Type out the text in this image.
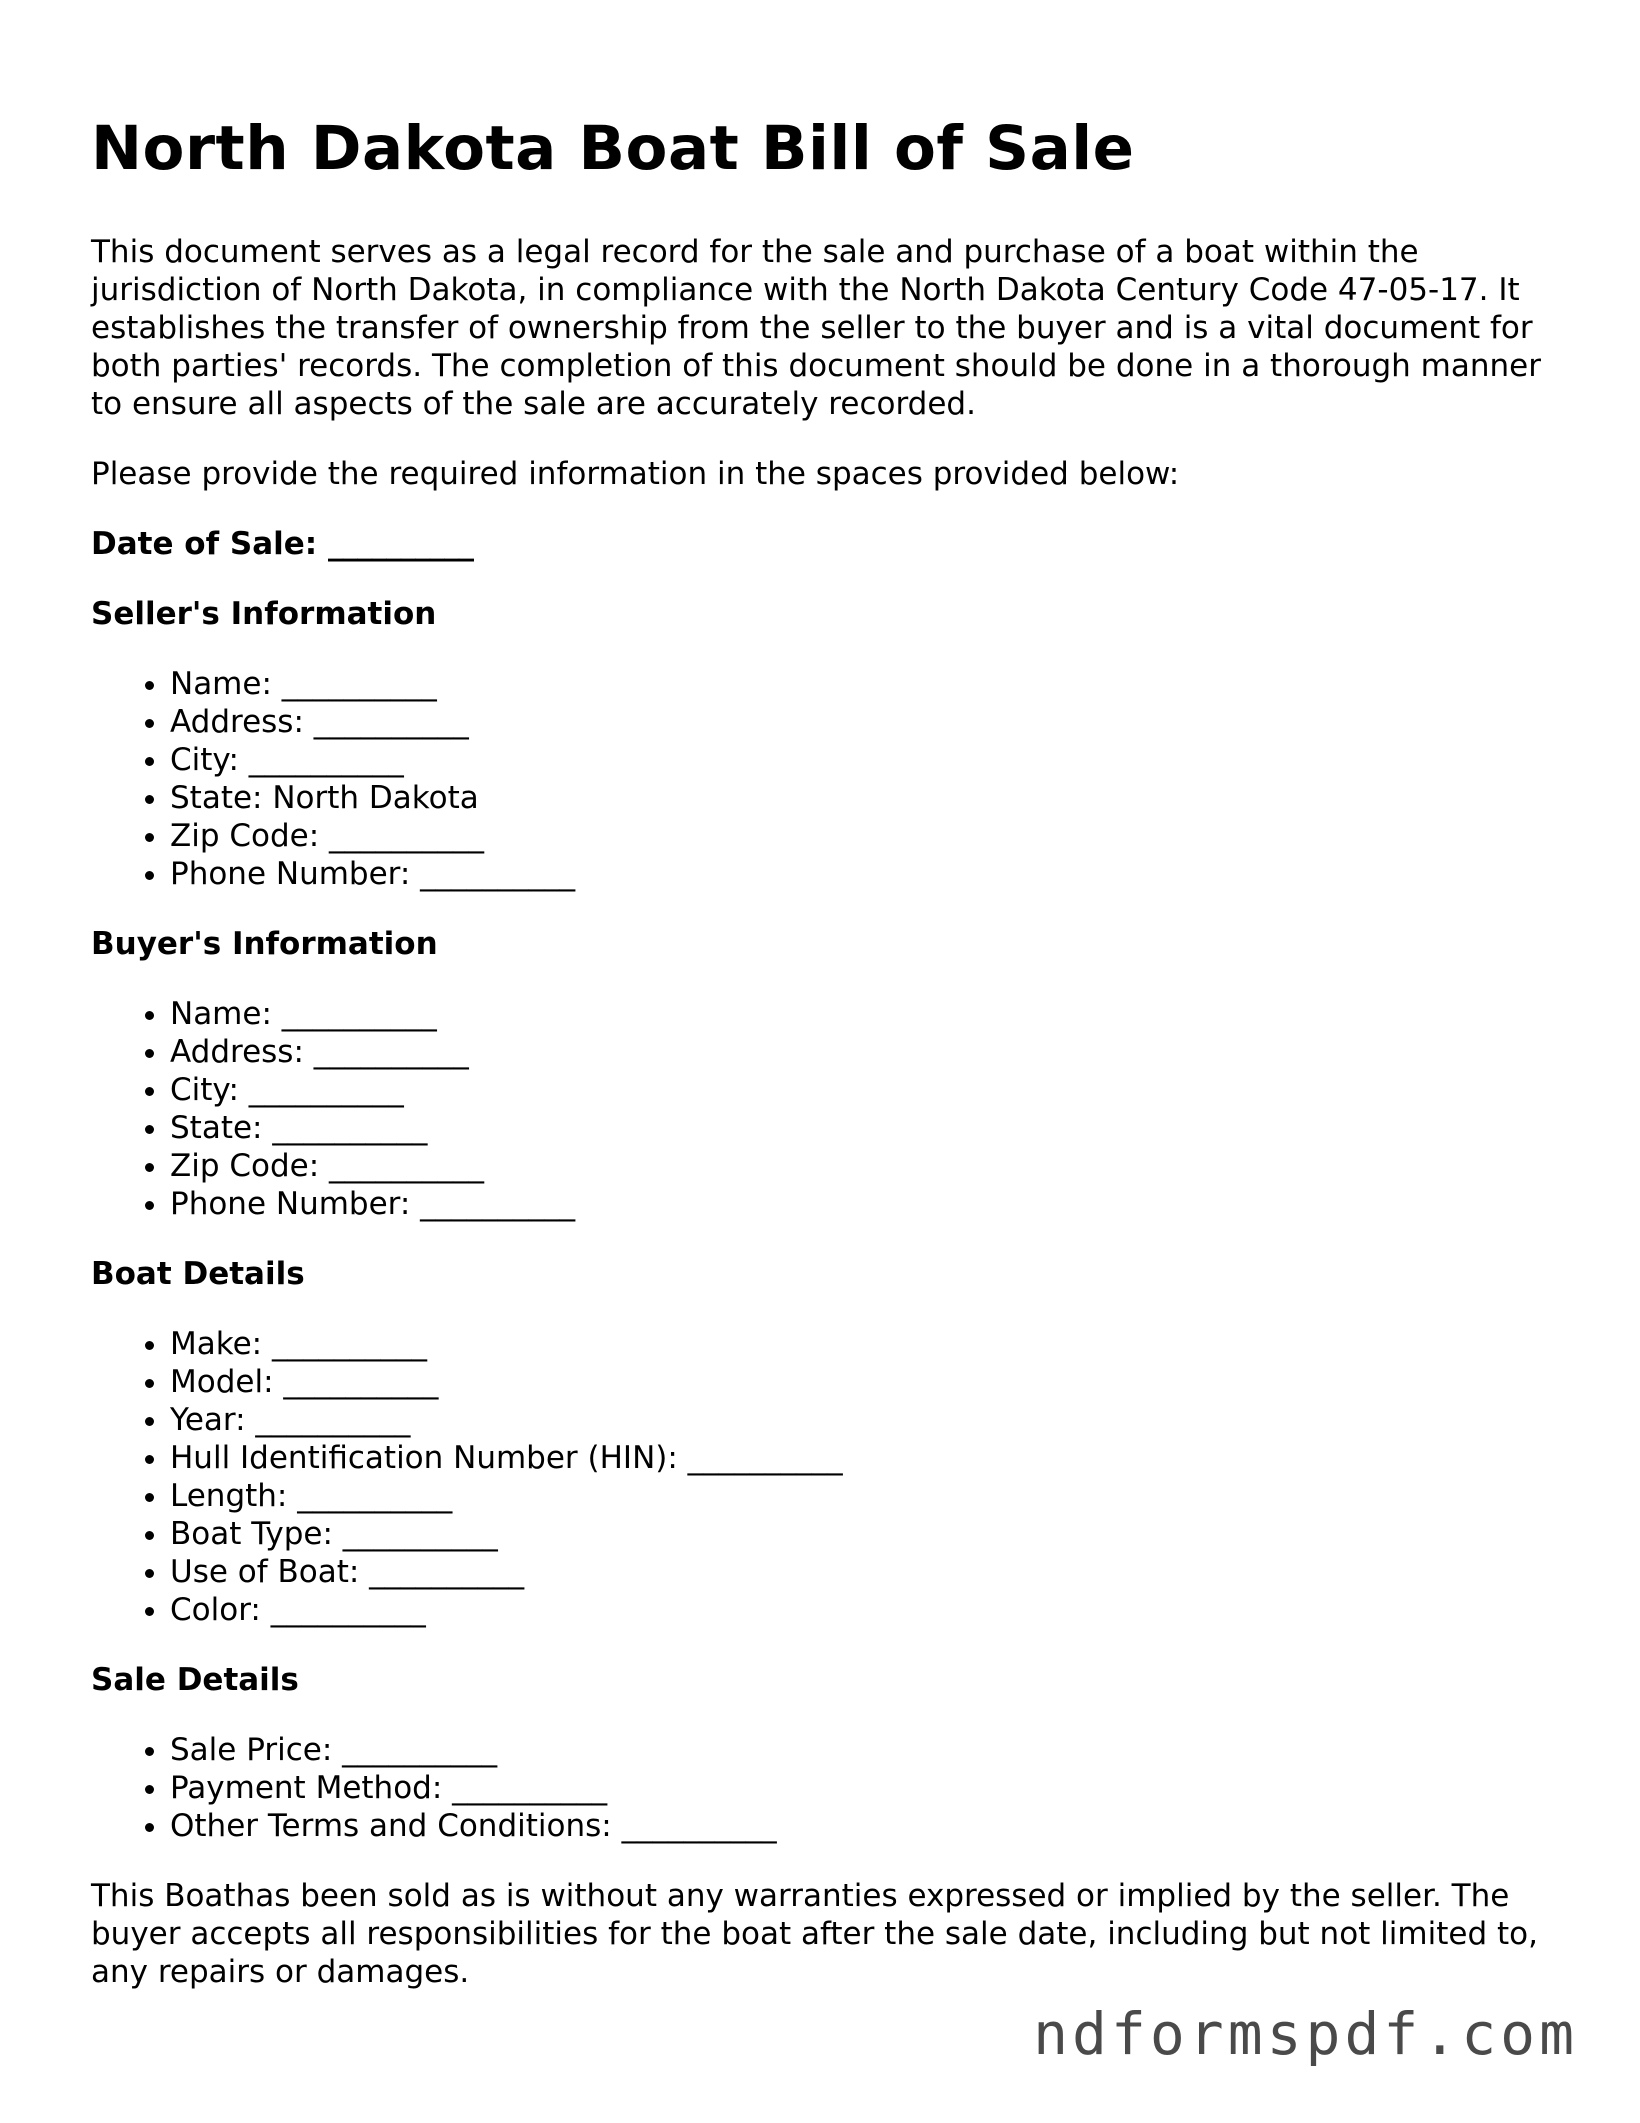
North Dakota Boat Bill of Sale

This document serves as a legal record for the sale and purchase of a boat within the jurisdiction of North Dakota, in compliance with the North Dakota Century Code 47-05-17. It establishes the transfer of ownership from the seller to the buyer and is a vital document for both parties' records. The completion of this document should be done in a thorough manner to ensure all aspects of the sale are accurately recorded.

Please provide the required information in the spaces provided below:

Date of Sale: __________
Seller's Information
• Name: __________
• Address: __________
• City: __________
• State: North Dakota
• Zip Code: __________
• Phone Number: __________
Buyer's Information
• Name: __________
• Address: __________
• City: __________
• State: __________
• Zip Code: __________
• Phone Number: __________
Boat Details
• Make: __________
• Model: __________
• Year: __________
• Hull Identification Number (HIN): __________
• Length: __________
• Boat Type: __________
• Use of Boat: __________
• Color: __________
Sale Details
• Sale Price: __________
• Payment Method: __________
• Other Terms and Conditions: __________

This Boathas been sold as is without any warranties expressed or implied by the seller. The buyer accepts all responsibilities for the boat after the sale date, including but not limited to, any repairs or damages.

ndformspdf.com
